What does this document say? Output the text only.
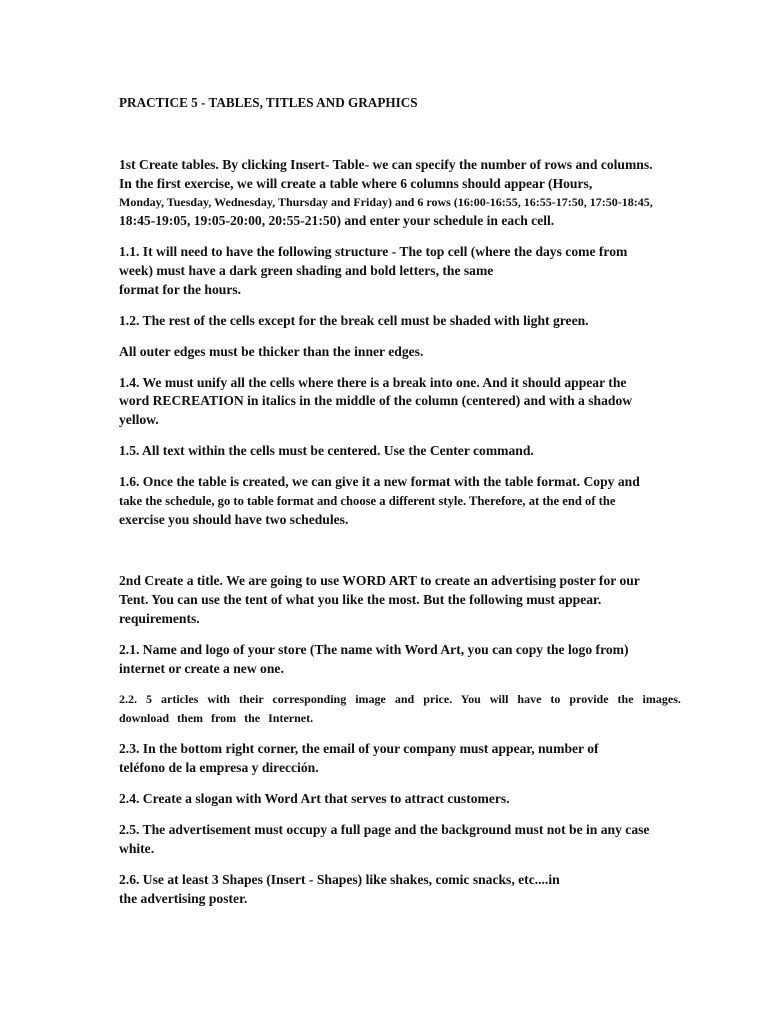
PRACTICE 5 - TABLES, TITLES AND GRAPHICS

1st Create tables. By clicking Insert- Table- we can specify the number of rows and columns.

In the first exercise, we will create a table where 6 columns should appear (Hours,

Monday, Tuesday, Wednesday, Thursday and Friday) and 6 rows (16:00-16:55, 16:55-17:50, 17:50-18:45,

18:45-19:05, 19:05-20:00, 20:55-21:50) and enter your schedule in each cell.

1.1. It will need to have the following structure - The top cell (where the days come from

week) must have a dark green shading and bold letters, the same

format for the hours.

1.2. The rest of the cells except for the break cell must be shaded with light green.

All outer edges must be thicker than the inner edges.

1.4. We must unify all the cells where there is a break into one. And it should appear the

word RECREATION in italics in the middle of the column (centered) and with a shadow

yellow.

1.5. All text within the cells must be centered. Use the Center command.

1.6. Once the table is created, we can give it a new format with the table format. Copy and

take the schedule, go to table format and choose a different style. Therefore, at the end of the

exercise you should have two schedules.

2nd Create a title. We are going to use WORD ART to create an advertising poster for our

Tent. You can use the tent of what you like the most. But the following must appear.

requirements.

2.1. Name and logo of your store (The name with Word Art, you can copy the logo from)

internet or create a new one.

2.2. 5 articles with their corresponding image and price. You will have to provide the images.

download them from the Internet.

2.3. In the bottom right corner, the email of your company must appear, number of

teléfono de la empresa y dirección.

2.4. Create a slogan with Word Art that serves to attract customers.

2.5. The advertisement must occupy a full page and the background must not be in any case

white.

2.6. Use at least 3 Shapes (Insert - Shapes) like shakes, comic snacks, etc....in

the advertising poster.
